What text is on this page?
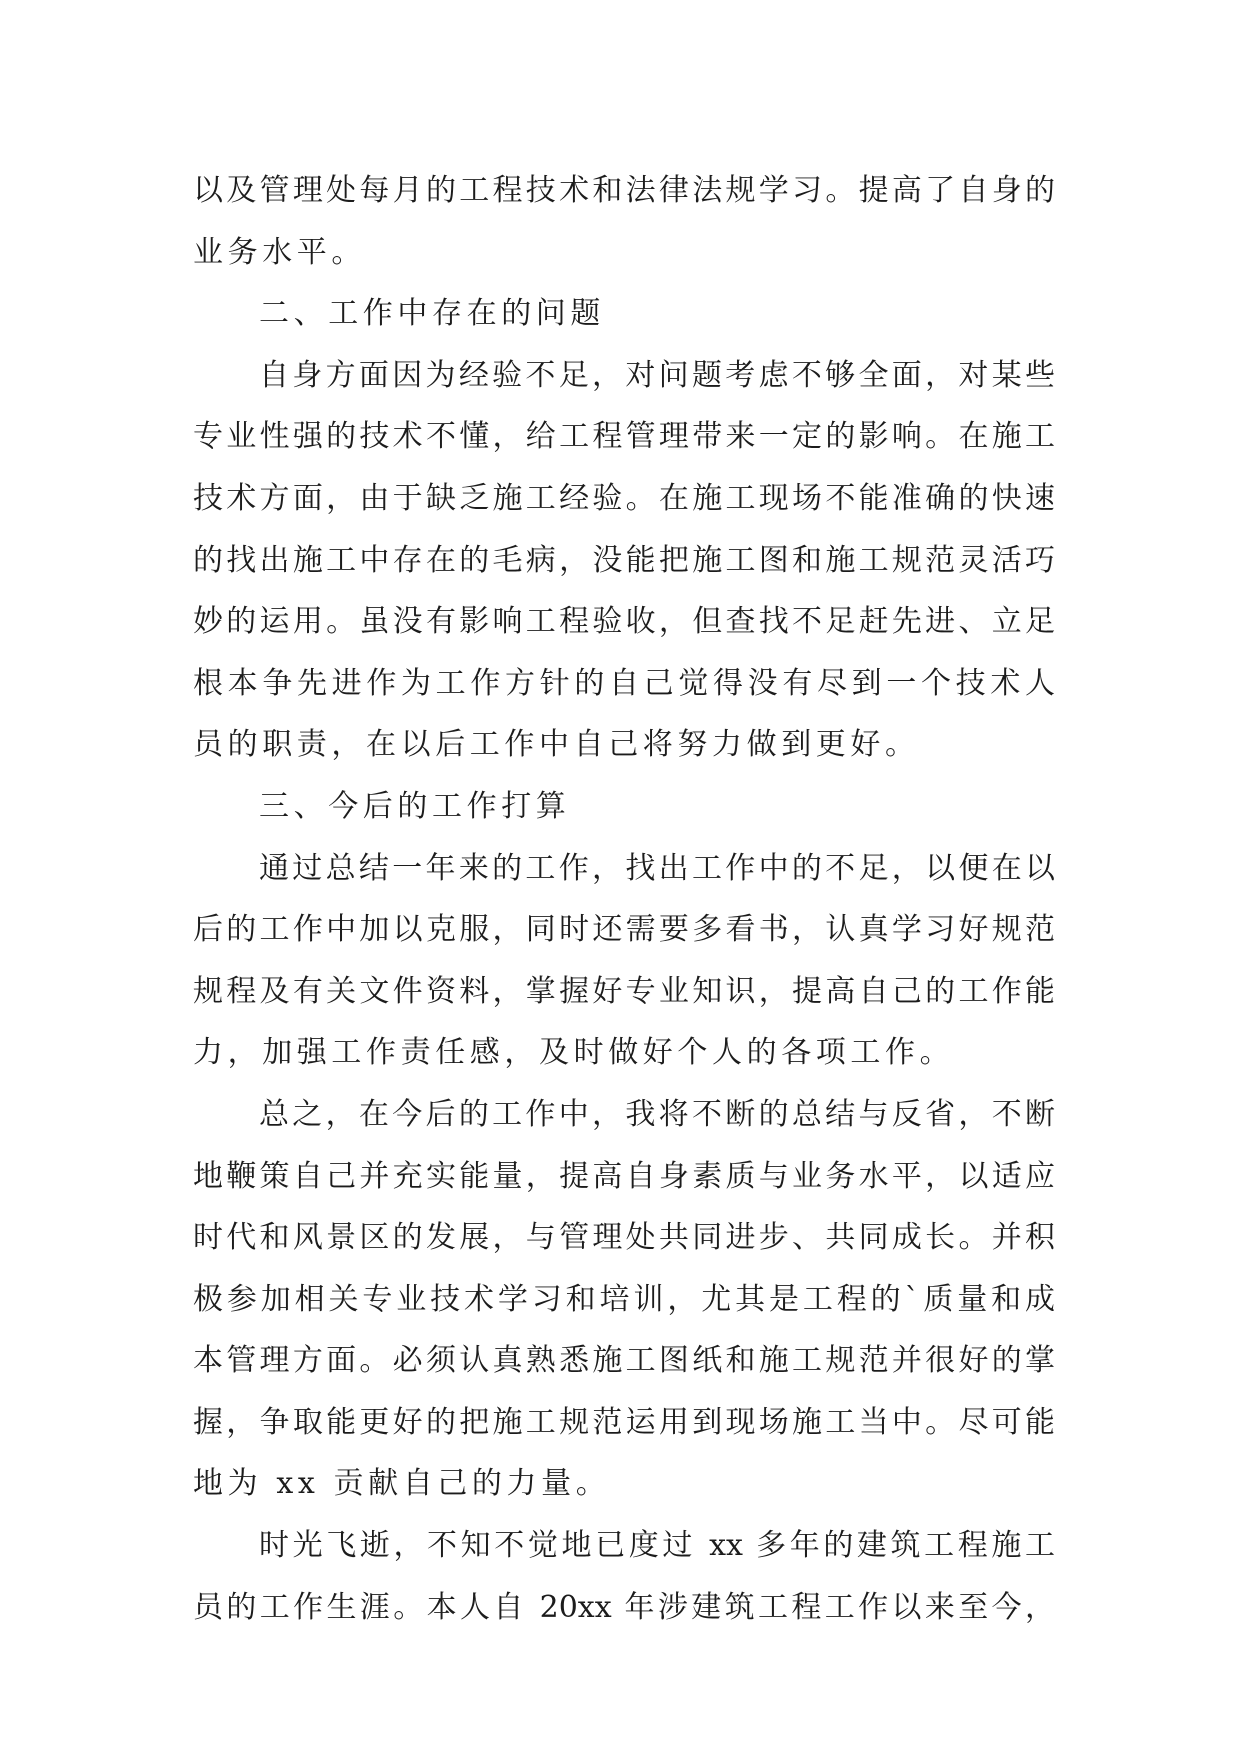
以及管理处每月的工程技术和法律法规学习。提高了自身的
业务水平。
二、工作中存在的问题
自身方面因为经验不足，对问题考虑不够全面，对某些
专业性强的技术不懂，给工程管理带来一定的影响。在施工
技术方面，由于缺乏施工经验。在施工现场不能准确的快速
的找出施工中存在的毛病，没能把施工图和施工规范灵活巧
妙的运用。虽没有影响工程验收，但查找不足赶先进、立足
根本争先进作为工作方针的自己觉得没有尽到一个技术人
员的职责，在以后工作中自己将努力做到更好。
三、今后的工作打算
通过总结一年来的工作，找出工作中的不足，以便在以
后的工作中加以克服，同时还需要多看书，认真学习好规范
规程及有关文件资料，掌握好专业知识，提高自己的工作能
力，加强工作责任感，及时做好个人的各项工作。
总之，在今后的工作中，我将不断的总结与反省，不断
地鞭策自己并充实能量，提高自身素质与业务水平，以适应
时代和风景区的发展，与管理处共同进步、共同成长。并积
极参加相关专业技术学习和培训，尤其是工程的`质量和成
本管理方面。必须认真熟悉施工图纸和施工规范并很好的掌
握，争取能更好的把施工规范运用到现场施工当中。尽可能
地为 xx 贡献自己的力量。
时光飞逝，不知不觉地已度过 xx 多年的建筑工程施工
员的工作生涯。本人自 20xx 年涉建筑工程工作以来至今，
